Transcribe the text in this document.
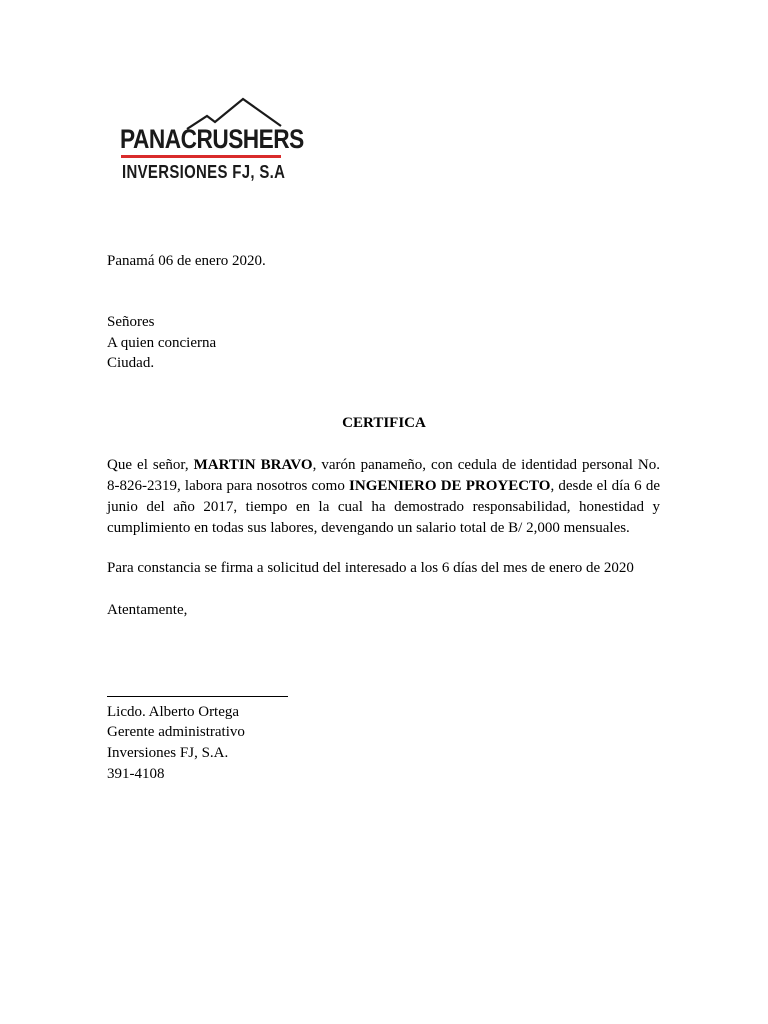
PANACRUSHERS
INVERSIONES FJ, S.A
Panamá 06 de enero 2020.
Señores
A quien concierna
Ciudad.
CERTIFICA
Que el señor, MARTIN BRAVO, varón panameño, con cedula de identidad personal No. 8-826-2319, labora para nosotros como INGENIERO DE PROYECTO, desde el día 6 de junio del año 2017, tiempo en la cual ha demostrado responsabilidad, honestidad y cumplimiento en todas sus labores, devengando un salario total de B/ 2,000 mensuales.
Para constancia se firma a solicitud del interesado a los 6 días del mes de enero de 2020
Atentamente,
Licdo. Alberto Ortega
Gerente administrativo
Inversiones FJ, S.A.
391-4108
